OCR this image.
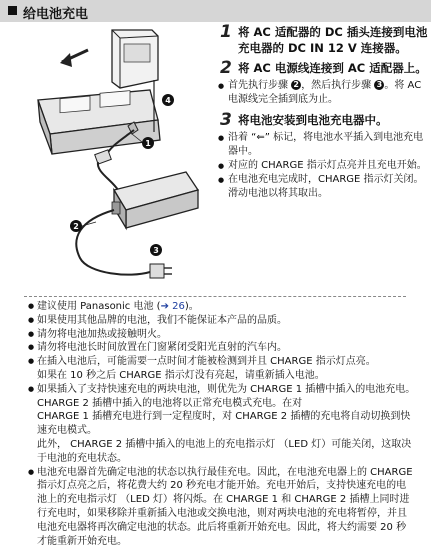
给电池充电
4
1
2
3
1 将 AC 适配器的 DC 插头连接到电池充电器的 DC IN 12 V 连接器。
2 将 AC 电源线连接到 AC 适配器上。
● 首先执行步骤 2 ，然后执行步骤 3 。将 AC 电源线完全插到底为止。
3 将电池安装到电池充电器中。
● 沿着 “⇐” 标记，将电池水平插入到电池充电器中。
● 对应的 CHARGE 指示灯点亮并且充电开始。
● 在电池充电完成时，CHARGE 指示灯关闭。滑动电池以将其取出。
● 建议使用 Panasonic 电池 (➔ 26)。
● 如果使用其他品牌的电池，我们不能保证本产品的品质。
● 请勿将电池加热或接触明火。
● 请勿将电池长时间放置在门窗紧闭受阳光直射的汽车内。
● 在插入电池后，可能需要一点时间才能被检测到并且 CHARGE 指示灯点亮。
如果在 10 秒之后 CHARGE 指示灯没有亮起，请重新插入电池。
● 如果插入了支持快速充电的两块电池，则优先为 CHARGE 1 插槽中插入的电池充电。 CHARGE 2 插槽中插入的电池将以正常充电模式充电。在对
CHARGE 1 插槽充电进行到一定程度时，对 CHARGE 2 插槽的充电将自动切换到快速充电模式。
此外， CHARGE 2 插槽中插入的电池上的充电指示灯 （LED 灯）可能关闭，这取决于电池的充电状态。
● 电池充电器首先确定电池的状态以执行最佳充电。因此，在电池充电器上的 CHARGE 指示灯点亮之后，将花费大约 20 秒充电才能开始。充电开始后，支持快速充电的电池上的充电指示灯 （LED 灯）将闪烁。在 CHARGE 1 和 CHARGE 2 插槽上同时进行充电时，如果移除并重新插入电池或交换电池，则对两块电池的充电将暂停，并且电池充电器将再次确定电池的状态。此后将重新开始充电。因此，将大约需要 20 秒才能重新开始充电。
